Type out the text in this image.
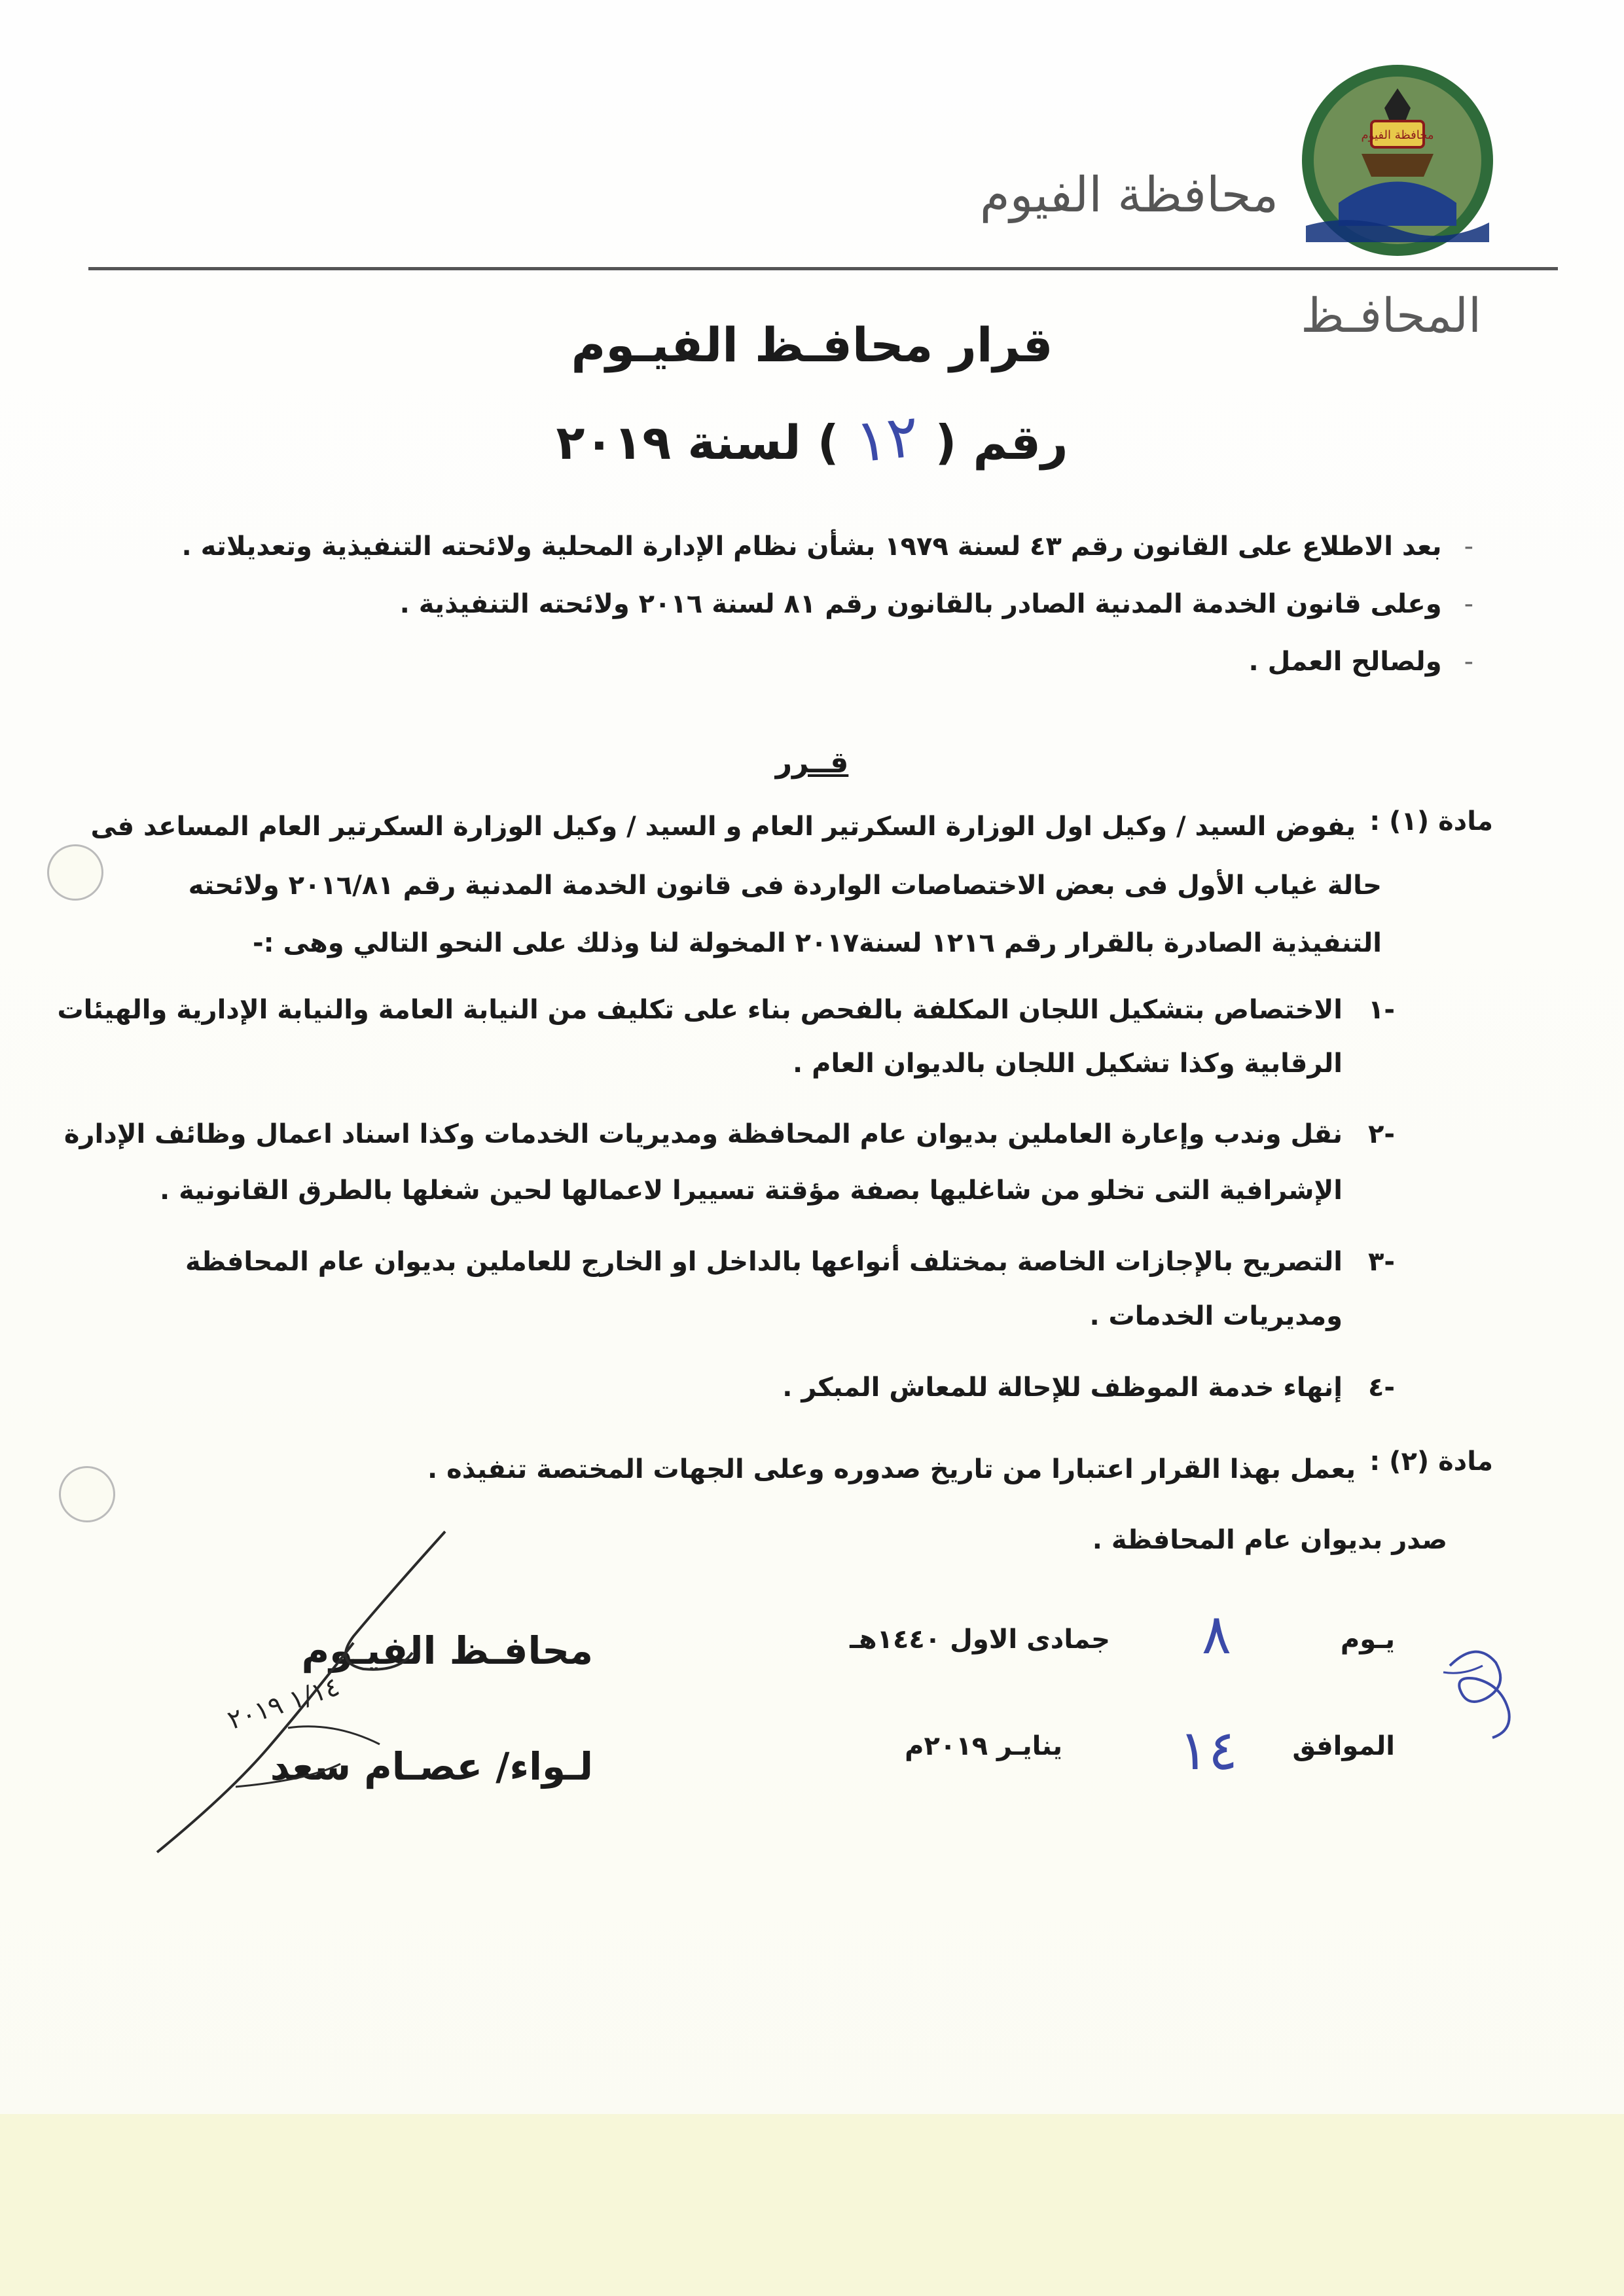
محافظة الفيوم
محافظة الفيوم
المحافـظ
قرار محافـظ الفيـوم
رقم ( ١٢ ) لسنة ٢٠١٩
-بعد الاطلاع على القانون رقم ٤٣ لسنة ١٩٧٩ بشأن نظام الإدارة المحلية ولائحته التنفيذية وتعديلاته .
-وعلى قانون الخدمة المدنية الصادر بالقانون رقم ٨١ لسنة ٢٠١٦ ولائحته التنفيذية .
-ولصالح العمل .
قــرر
مادة (١) :
يفوض السيد / وكيل اول الوزارة السكرتير العام و السيد / وكيل الوزارة السكرتير العام المساعد فى
حالة غياب الأول فى بعض الاختصاصات الواردة فى قانون الخدمة المدنية رقم ٢٠١٦/٨١ ولائحته
التنفيذية الصادرة بالقرار رقم ١٢١٦ لسنة٢٠١٧ المخولة لنا وذلك على النحو التالي وهى :-
١-
الاختصاص بتشكيل اللجان المكلفة بالفحص بناء على تكليف من النيابة العامة والنيابة الإدارية والهيئات
الرقابية وكذا تشكيل اللجان بالديوان العام .
٢-
نقل وندب وإعارة العاملين بديوان عام المحافظة ومديريات الخدمات وكذا اسناد اعمال وظائف الإدارة
الإشرافية التى تخلو من شاغليها بصفة مؤقتة تسييرا لاعمالها لحين شغلها بالطرق القانونية .
٣-
التصريح بالإجازات الخاصة بمختلف أنواعها بالداخل او الخارج للعاملين بديوان عام المحافظة
ومديريات الخدمات .
٤-
إنهاء خدمة الموظف للإحالة للمعاش المبكر .
مادة (٢) :
يعمل بهذا القرار اعتبارا من تاريخ صدوره وعلى الجهات المختصة تنفيذه .
صدر بديوان عام المحافظة .
يـوم
٨
جمادى الاول ١٤٤٠هـ
الموافق
١٤
ينايـر ٢٠١٩م
محافـظ الفيـوم
لـواء/ عصـام سعد
١/١٤ ٢٠١٩
